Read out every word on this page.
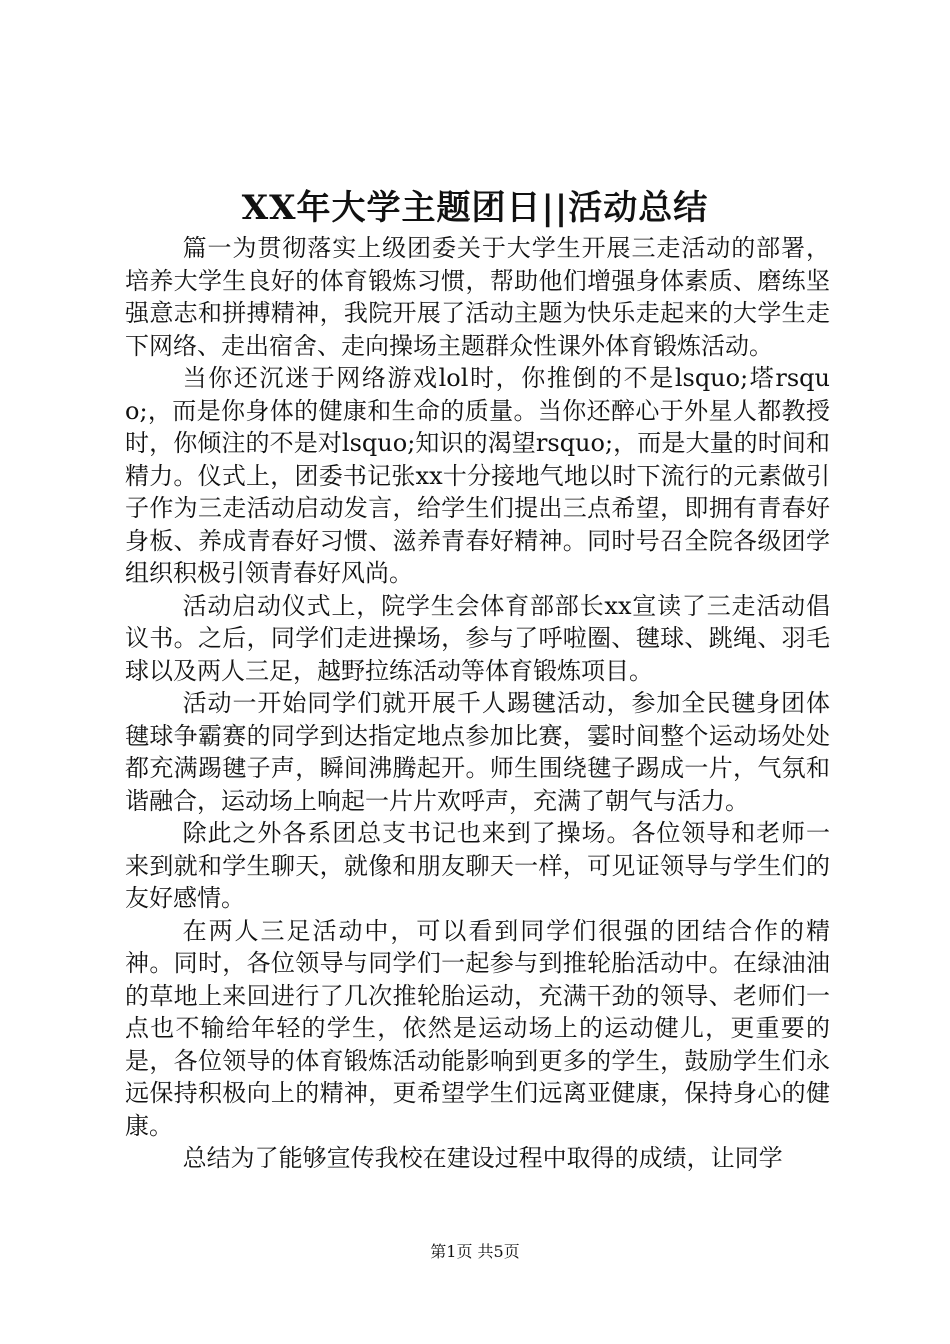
XX年大学主题团日||活动总结

篇一为贯彻落实上级团委关于大学生开展三走活动的部署，培养大学生良好的体育锻炼习惯，帮助他们增强身体素质、磨练坚强意志和拼搏精神，我院开展了活动主题为快乐走起来的大学生走下网络、走出宿舍、走向操场主题群众性课外体育锻炼活动。

当你还沉迷于网络游戏lol时，你推倒的不是lsquo;塔rsquo;，而是你身体的健康和生命的质量。当你还醉心于外星人都教授时，你倾注的不是对lsquo;知识的渴望rsquo;，而是大量的时间和精力。仪式上，团委书记张xx十分接地气地以时下流行的元素做引子作为三走活动启动发言，给学生们提出三点希望，即拥有青春好身板、养成青春好习惯、滋养青春好精神。同时号召全院各级团学组织积极引领青春好风尚。

活动启动仪式上，院学生会体育部部长xx宣读了三走活动倡议书。之后，同学们走进操场，参与了呼啦圈、毽球、跳绳、羽毛球以及两人三足，越野拉练活动等体育锻炼项目。

活动一开始同学们就开展千人踢毽活动，参加全民毽身团体毽球争霸赛的同学到达指定地点参加比赛，霎时间整个运动场处处都充满踢毽子声，瞬间沸腾起开。师生围绕毽子踢成一片，气氛和谐融合，运动场上响起一片片欢呼声，充满了朝气与活力。

除此之外各系团总支书记也来到了操场。各位领导和老师一来到就和学生聊天，就像和朋友聊天一样，可见证领导与学生们的友好感情。

在两人三足活动中，可以看到同学们很强的团结合作的精神。同时，各位领导与同学们一起参与到推轮胎活动中。在绿油油的草地上来回进行了几次推轮胎运动，充满干劲的领导、老师们一点也不输给年轻的学生，依然是运动场上的运动健儿，更重要的是，各位领导的体育锻炼活动能影响到更多的学生，鼓励学生们永远保持积极向上的精神，更希望学生们远离亚健康，保持身心的健康。

总结为了能够宣传我校在建设过程中取得的成绩，让同学

第1页 共5页
